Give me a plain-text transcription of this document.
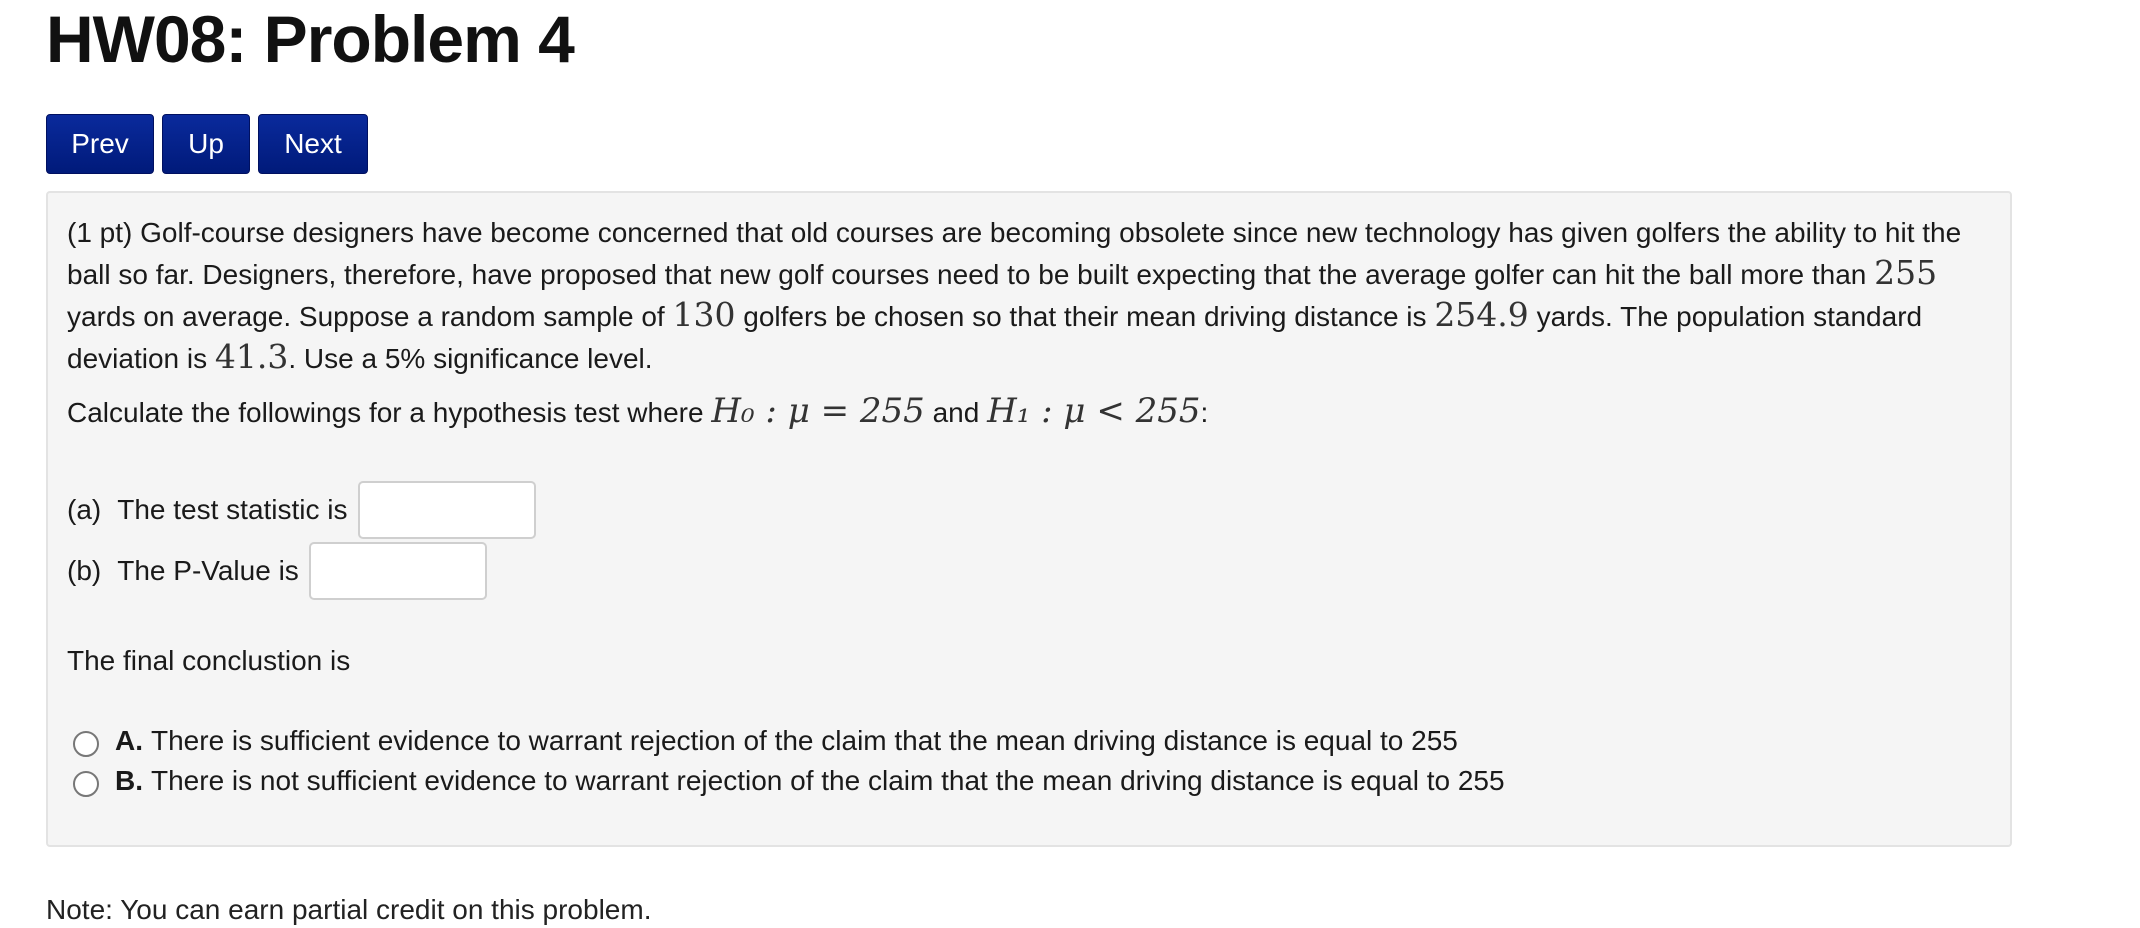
HW08: Problem 4
Prev	Up	Next

(1 pt) Golf-course designers have become concerned that old courses are becoming obsolete since new technology has given golfers the ability to hit the ball so far. Designers, therefore, have proposed that new golf courses need to be built expecting that the average golfer can hit the ball more than 255 yards on average. Suppose a random sample of 130 golfers be chosen so that their mean driving distance is 254.9 yards. The population standard deviation is 41.3. Use a 5% significance level.

Calculate the followings for a hypothesis test where H₀ : μ = 255 and H₁ : μ < 255:
(a) The test statistic is
(b) The P-Value is

The final conclustion is

A. There is sufficient evidence to warrant rejection of the claim that the mean driving distance is equal to 255
B. There is not sufficient evidence to warrant rejection of the claim that the mean driving distance is equal to 255
Note: You can earn partial credit on this problem.
